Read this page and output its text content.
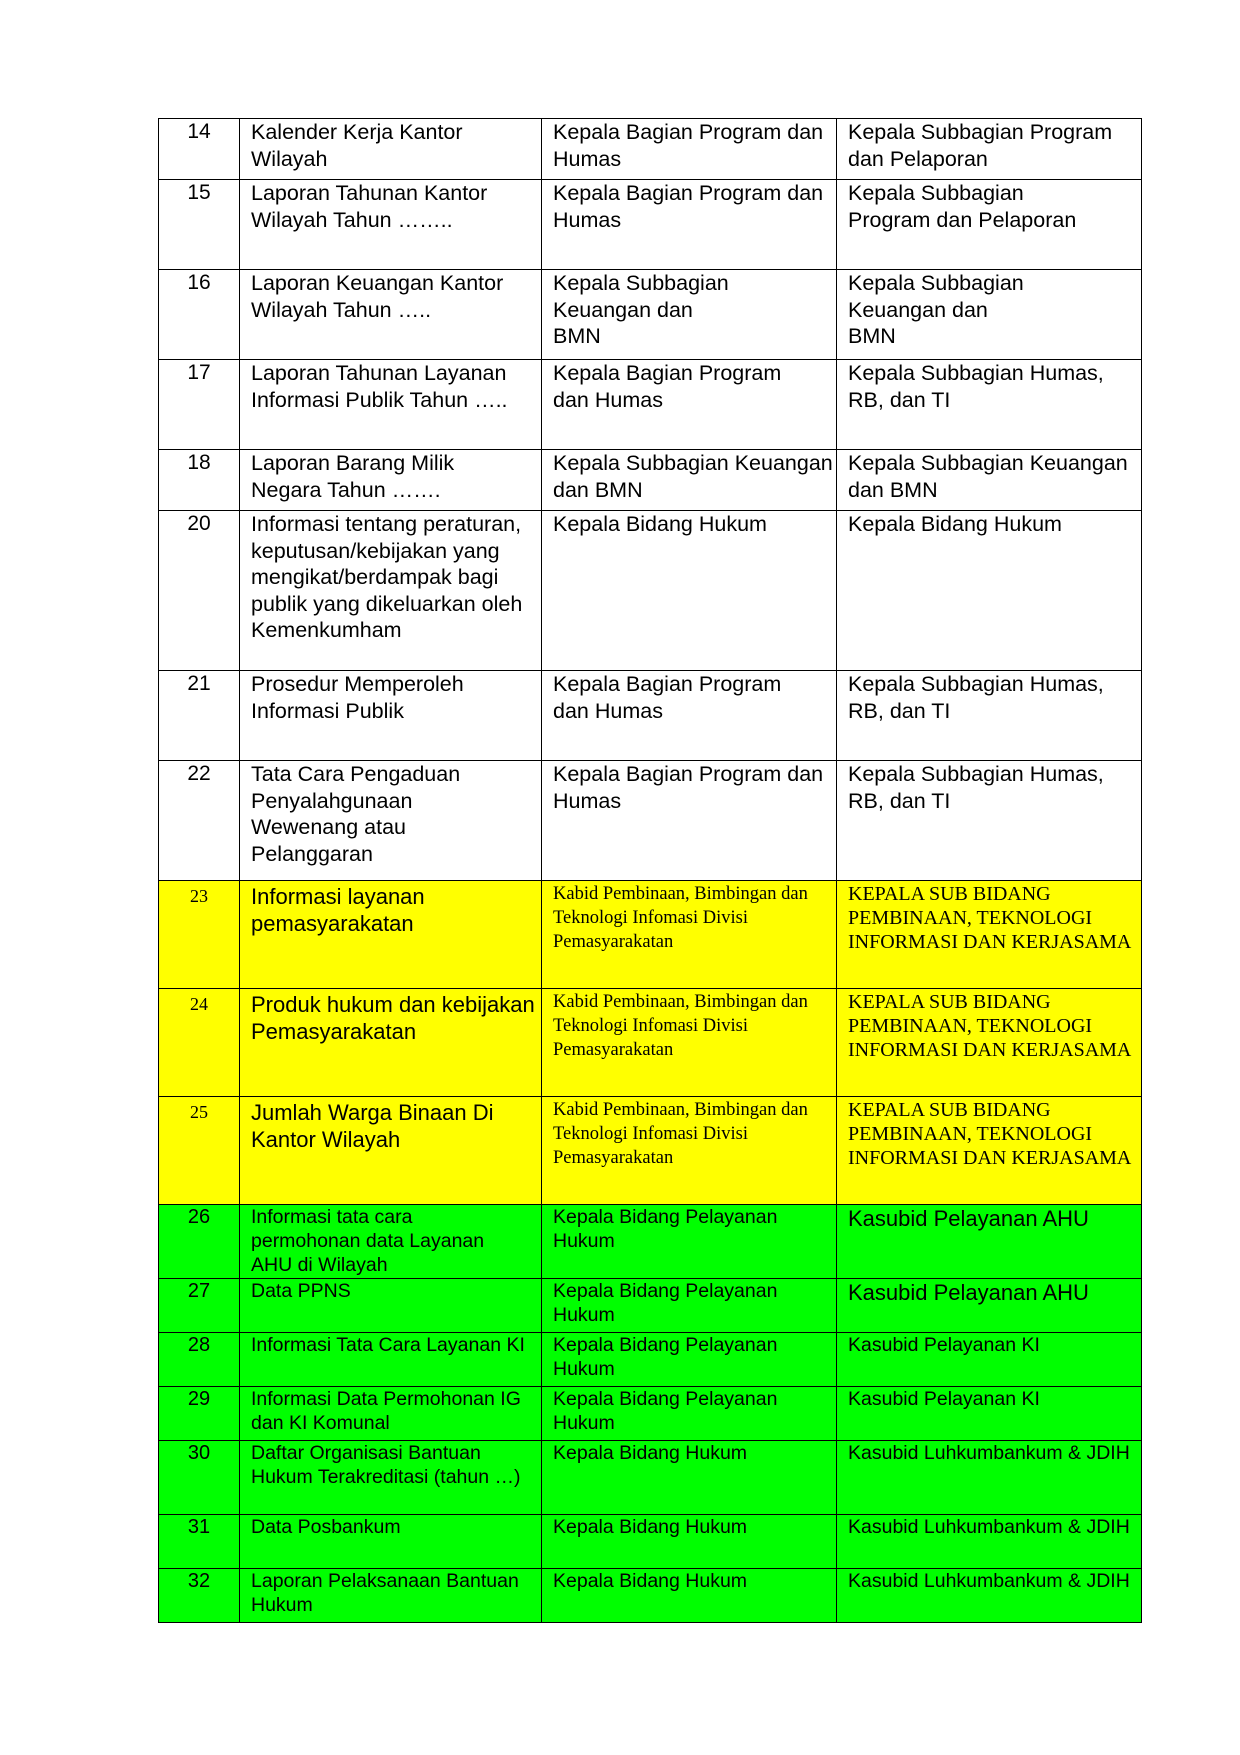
14	Kalender Kerja Kantor Wilayah	Kepala Bagian Program dan Humas	Kepala Subbagian Program dan Pelaporan
15	Laporan Tahunan Kantor Wilayah Tahun ……..	Kepala Bagian Program dan Humas	Kepala Subbagian Program dan Pelaporan
16	Laporan Keuangan Kantor Wilayah Tahun …..	Kepala Subbagian Keuangan dan BMN	Kepala Subbagian Keuangan dan BMN
17	Laporan Tahunan Layanan Informasi Publik Tahun …..	Kepala Bagian Program dan Humas	Kepala Subbagian Humas, RB, dan TI
18	Laporan Barang Milik Negara Tahun …….	Kepala Subbagian Keuangan dan BMN	Kepala Subbagian Keuangan dan BMN
20	Informasi tentang peraturan, keputusan/kebijakan yang mengikat/berdampak bagi publik yang dikeluarkan oleh Kemenkumham	Kepala Bidang Hukum	Kepala Bidang Hukum
21	Prosedur Memperoleh Informasi Publik	Kepala Bagian Program dan Humas	Kepala Subbagian Humas, RB, dan TI
22	Tata Cara Pengaduan Penyalahgunaan Wewenang atau Pelanggaran	Kepala Bagian Program dan Humas	Kepala Subbagian Humas, RB, dan TI
23	Informasi layanan pemasyarakatan	Kabid Pembinaan, Bimbingan dan Teknologi Infomasi Divisi Pemasyarakatan	KEPALA SUB BIDANG PEMBINAAN, TEKNOLOGI INFORMASI DAN KERJASAMA
24	Produk hukum dan kebijakan Pemasyarakatan	Kabid Pembinaan, Bimbingan dan Teknologi Infomasi Divisi Pemasyarakatan	KEPALA SUB BIDANG PEMBINAAN, TEKNOLOGI INFORMASI DAN KERJASAMA
25	Jumlah Warga Binaan Di Kantor Wilayah	Kabid Pembinaan, Bimbingan dan Teknologi Infomasi Divisi Pemasyarakatan	KEPALA SUB BIDANG PEMBINAAN, TEKNOLOGI INFORMASI DAN KERJASAMA
26	Informasi tata cara permohonan data Layanan AHU di Wilayah	Kepala Bidang Pelayanan Hukum	Kasubid Pelayanan AHU
27	Data PPNS	Kepala Bidang Pelayanan Hukum	Kasubid Pelayanan AHU
28	Informasi Tata Cara Layanan KI	Kepala Bidang Pelayanan Hukum	Kasubid Pelayanan KI
29	Informasi Data Permohonan IG dan KI Komunal	Kepala Bidang Pelayanan Hukum	Kasubid Pelayanan KI
30	Daftar Organisasi Bantuan Hukum Terakreditasi (tahun …)	Kepala Bidang Hukum	Kasubid Luhkumbankum & JDIH
31	Data Posbankum	Kepala Bidang Hukum	Kasubid Luhkumbankum & JDIH
32	Laporan Pelaksanaan Bantuan Hukum	Kepala Bidang Hukum	Kasubid Luhkumbankum & JDIH
